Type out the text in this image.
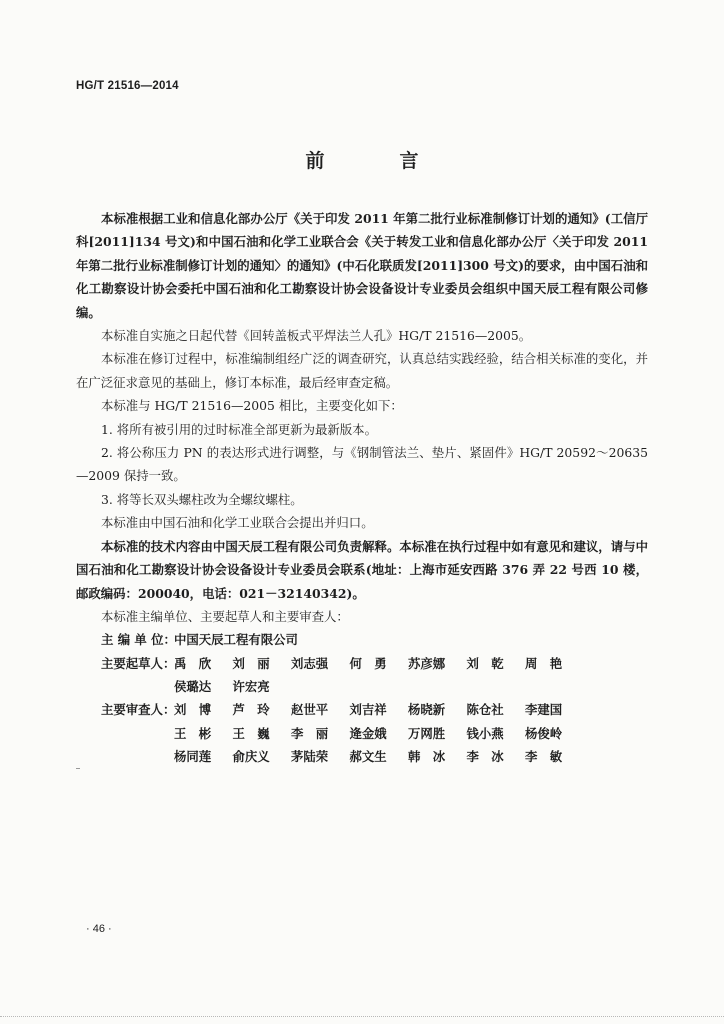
HG/T 21516—2014
前　言

本标准根据工业和信息化部办公厅《关于印发 2011 年第二批行业标准制修订计划的通知》(工信厅科[2011]134 号文)和中国石油和化学工业联合会《关于转发工业和信息化部办公厅〈关于印发 2011 年第二批行业标准制修订计划的通知〉的通知》(中石化联质发[2011]300 号文)的要求，由中国石油和化工勘察设计协会委托中国石油和化工勘察设计协会设备设计专业委员会组织中国天辰工程有限公司修编。

本标准自实施之日起代替《回转盖板式平焊法兰人孔》HG/T 21516—2005。

本标准在修订过程中，标准编制组经广泛的调查研究，认真总结实践经验，结合相关标准的变化，并在广泛征求意见的基础上，修订本标准，最后经审查定稿。

本标准与 HG/T 21516—2005 相比，主要变化如下：

1. 将所有被引用的过时标准全部更新为最新版本。

2. 将公称压力 PN 的表达形式进行调整，与《钢制管法兰、垫片、紧固件》HG/T 20592～20635—2009 保持一致。

3. 将等长双头螺柱改为全螺纹螺柱。

本标准由中国石油和化学工业联合会提出并归口。

本标准的技术内容由中国天辰工程有限公司负责解释。本标准在执行过程中如有意见和建议，请与中国石油和化工勘察设计协会设备设计专业委员会联系(地址：上海市延安西路 376 弄 22 号西 10 楼，邮政编码：200040，电话：021－32140342)。

本标准主编单位、主要起草人和主要审查人：

主 编 单 位：
中国天辰工程有限公司
主要起草人：
禹　欣	刘　丽	刘志强	何　勇	苏彦娜	刘　乾	周　艳
侯璐达	许宏亮
主要审查人：
刘　博	芦　玲	赵世平	刘吉祥	杨晓新	陈仓社	李建国
王　彬	王　巍	李　丽	逄金娥	万网胜	钱小燕	杨俊岭
杨同莲	俞庆义	茅陆荣	郝文生	韩　冰	李　冰	李　敏
· 46 ·
